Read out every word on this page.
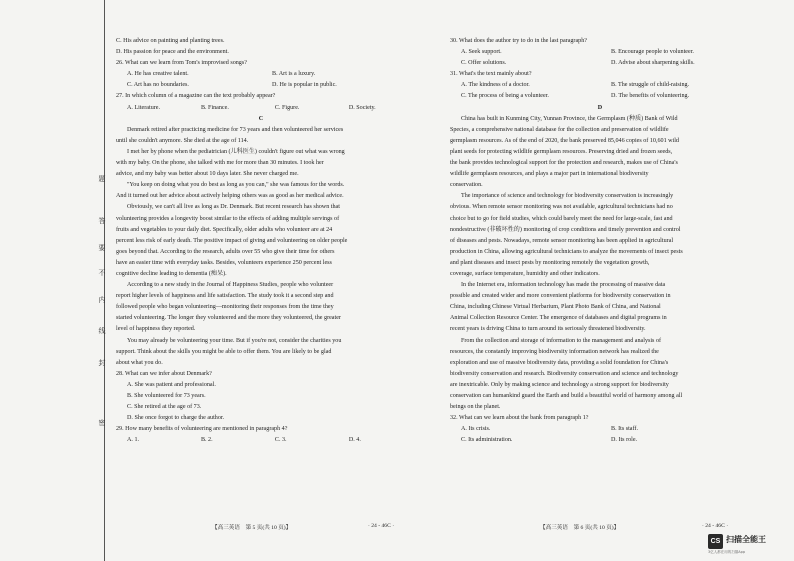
题
答
要
不
内
线
封
密

C. His advice on painting and planting trees.

D. His passion for peace and the environment.

26. What can we learn from Tom's improvised songs?

A. He has creative talent.	B. Art is a luxury.
C. Art has no boundaries.	D. He is popular in public.

27. In which column of a magazine can the text probably appear?

A. Literature.	B. Finance.	C. Figure.	D. Society.

C

Denmark retired after practicing medicine for 73 years and then volunteered her services

until she couldn't anymore. She died at the age of 114.

I met her by phone when the pediatrician (儿科医生) couldn't figure out what was wrong

with my baby. On the phone, she talked with me for more than 30 minutes. I took her

advice, and my baby was better about 10 days later. She never charged me.

"You keep on doing what you do best as long as you can," she was famous for the words.

And it turned out her advice about actively helping others was as good as her medical advice.

Obviously, we can't all live as long as Dr. Denmark. But recent research has shown that

volunteering provides a longevity boost similar to the effects of adding multiple servings of

fruits and vegetables to your daily diet. Specifically, older adults who volunteer are at 24

percent less risk of early death. The positive impact of giving and volunteering on older people

goes beyond that. According to the research, adults over 55 who give their time for others

have an easier time with everyday tasks. Besides, volunteers experience 250 percent less

cognitive decline leading to dementia (痴呆).

According to a new study in the Journal of Happiness Studies, people who volunteer

report higher levels of happiness and life satisfaction. The study took it a second step and

followed people who began volunteering—monitoring their responses from the time they

started volunteering. The longer they volunteered and the more they volunteered, the greater

level of happiness they reported.

You may already be volunteering your time. But if you're not, consider the charities you

support. Think about the skills you might be able to offer them. You are likely to be glad

about what you do.

28. What can we infer about Denmark?

A. She was patient and professional.

B. She volunteered for 73 years.

C. She retired at the age of 73.

D. She once forgot to charge the author.

29. How many benefits of volunteering are mentioned in paragraph 4?

A. 1.	B. 2.	C. 3.	D. 4.

30. What does the author try to do in the last paragraph?

A. Seek support.	B. Encourage people to volunteer.
C. Offer solutions.	D. Advise about sharpening skills.

31. What's the text mainly about?

A. The kindness of a doctor.	B. The struggle of child-raising.
C. The process of being a volunteer.	D. The benefits of volunteering.

D

China has built in Kunming City, Yunnan Province, the Germplasm (种质) Bank of Wild

Species, a comprehensive national database for the collection and preservation of wildlife

germplasm resources. As of the end of 2020, the bank preserved 85,046 copies of 10,601 wild

plant seeds for protecting wildlife germplasm resources. Preserving dried and frozen seeds,

the bank provides technological support for the protection and research, makes use of China's

wildlife germplasm resources, and plays a major part in international biodiversity

conservation.

The importance of science and technology for biodiversity conservation is increasingly

obvious. When remote sensor monitoring was not available, agricultural technicians had no

choice but to go for field studies, which could barely meet the need for large-scale, fast and

nondestructive (非破坏性的) monitoring of crop conditions and timely prevention and control

of diseases and pests. Nowadays, remote sensor monitoring has been applied in agricultural

production in China, allowing agricultural technicians to analyze the movements of insect pests

and plant diseases and insect pests by monitoring remotely the vegetation growth,

coverage, surface temperature, humidity and other indicators.

In the Internet era, information technology has made the processing of massive data

possible and created wider and more convenient platforms for biodiversity conservation in

China, including Chinese Virtual Herbarium, Plant Photo Bank of China, and National

Animal Collection Resource Center. The emergence of databases and digital programs in

recent years is driving China to turn around its seriously threatened biodiversity.

From the collection and storage of information to the management and analysis of

resources, the constantly improving biodiversity information network has realized the

exploration and use of massive biodiversity data, providing a solid foundation for China's

biodiversity conservation and research. Biodiversity conservation and science and technology

are inextricable. Only by making science and technology a strong support for biodiversity

conservation can humankind guard the Earth and build a beautiful world of harmony among all

beings on the planet.

32. What can we learn about the bank from paragraph 1?

A. Its crisis.	B. Its staff.
C. Its administration.	D. Its role.
【高三英语　第 5 页(共 10 页)】	· 24 - 46C ·	【高三英语　第 6 页(共 10 页)】	· 24 - 46C ·
CS 扫描全能王
3亿人都在用的扫描App
